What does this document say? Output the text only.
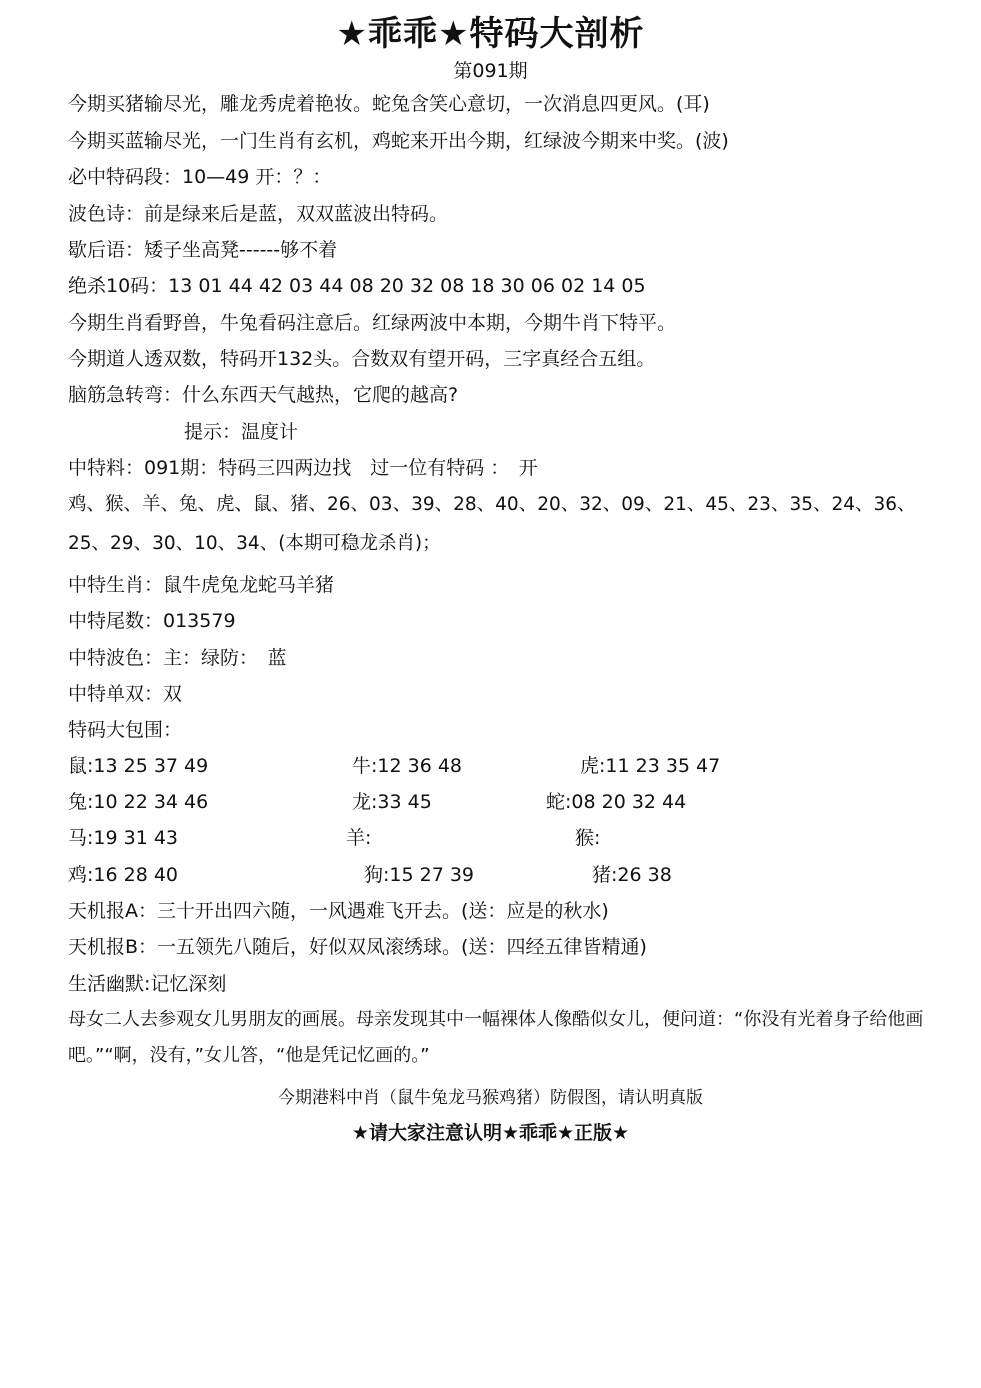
★乖乖★特码大剖析
第091期
今期买猪输尽光，雕龙秀虎着艳妆。蛇兔含笑心意切，一次消息四更风。(耳)
今期买蓝输尽光，一门生肖有玄机，鸡蛇来开出今期，红绿波今期来中奖。(波)
必中特码段：10—49 开：？：
波色诗：前是绿来后是蓝，双双蓝波出特码。
歇后语：矮子坐高凳------够不着
绝杀10码：13 01 44 42 03 44 08 20 32 08 18 30 06 02 14 05
今期生肖看野兽，牛兔看码注意后。红绿两波中本期，今期牛肖下特平。
今期道人透双数，特码开132头。合数双有望开码，三字真经合五组。
脑筋急转弯：什么东西天气越热，它爬的越高?
提示：温度计
中特料：091期：特码三四两边找　过一位有特码 ：　开
鸡、猴、羊、兔、虎、鼠、猪、26、03、39、28、40、20、32、09、21、45、23、35、24、36、
25、29、30、10、34、(本期可稳龙杀肖)；
中特生肖：鼠牛虎兔龙蛇马羊猪
中特尾数：013579
中特波色：主：绿防：　蓝
中特单双：双
特码大包围：
鼠:13 25 37 49	牛:12 36 48	虎:11 23 35 47
兔:10 22 34 46	龙:33 45	蛇:08 20 32 44
马:19 31 43	羊:	猴:
鸡:16 28 40	狗:15 27 39	猪:26 38
天机报A：三十开出四六随，一风遇难飞开去。(送：应是的秋水)
天机报B：一五领先八随后，好似双凤滚绣球。(送：四经五律皆精通)
生活幽默:记忆深刻
母女二人去参观女儿男朋友的画展。母亲发现其中一幅裸体人像酷似女儿，便问道：“你没有光着身子给他画吧。”“啊，没有，”女儿答，“他是凭记忆画的。”
今期港料中肖（鼠牛兔龙马猴鸡猪）防假图，请认明真版
★请大家注意认明★乖乖★正版★
